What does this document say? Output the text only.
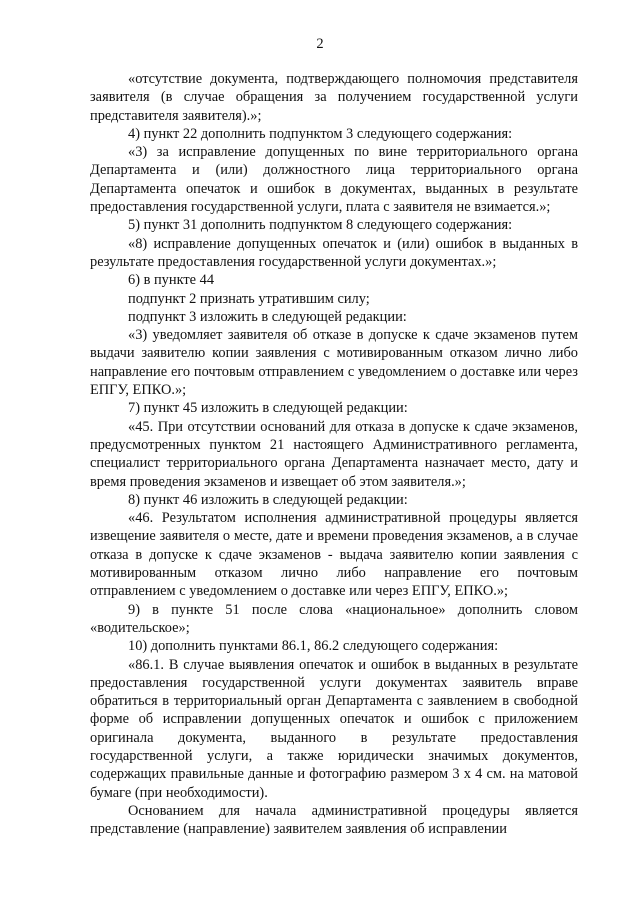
2

«отсутствие документа, подтверждающего полномочия представителя заявителя (в случае обращения за получением государственной услуги представителя заявителя).»;

4) пункт 22 дополнить подпунктом 3 следующего содержания:

«3) за исправление допущенных по вине территориального органа Департамента и (или) должностного лица территориального органа Департамента опечаток и ошибок в документах, выданных в результате предоставления государственной услуги, плата с заявителя не взимается.»;

5) пункт 31 дополнить подпунктом 8 следующего содержания:

«8) исправление допущенных опечаток и (или) ошибок в выданных в результате предоставления государственной услуги документах.»;

6) в пункте 44

подпункт 2 признать утратившим силу;

подпункт 3 изложить в следующей редакции:

«3) уведомляет заявителя об отказе в допуске к сдаче экзаменов путем выдачи заявителю копии заявления с мотивированным отказом лично либо направление его почтовым отправлением с уведомлением о доставке или через ЕПГУ, ЕПКО.»;

7) пункт 45 изложить в следующей редакции:

«45. При отсутствии оснований для отказа в допуске к сдаче экзаменов, предусмотренных пунктом 21 настоящего Административного регламента, специалист территориального органа Департамента назначает место, дату и время проведения экзаменов и извещает об этом заявителя.»;

8) пункт 46 изложить в следующей редакции:

«46. Результатом исполнения административной процедуры является извещение заявителя о месте, дате и времени проведения экзаменов, а в случае отказа в допуске к сдаче экзаменов - выдача заявителю копии заявления с мотивированным отказом лично либо направление его почтовым отправлением с уведомлением о доставке или через ЕПГУ, ЕПКО.»;

9) в пункте 51 после слова «национальное» дополнить словом «водительское»;

10) дополнить пунктами 86.1, 86.2 следующего содержания:

«86.1. В случае выявления опечаток и ошибок в выданных в результате предоставления государственной услуги документах заявитель вправе обратиться в территориальный орган Департамента с заявлением в свободной форме об исправлении допущенных опечаток и ошибок с приложением оригинала документа, выданного в результате предоставления государственной услуги, а также юридически значимых документов, содержащих правильные данные и фотографию размером 3 х 4 см. на матовой бумаге (при необходимости).

Основанием для начала административной процедуры является представление (направление) заявителем заявления об исправлении
